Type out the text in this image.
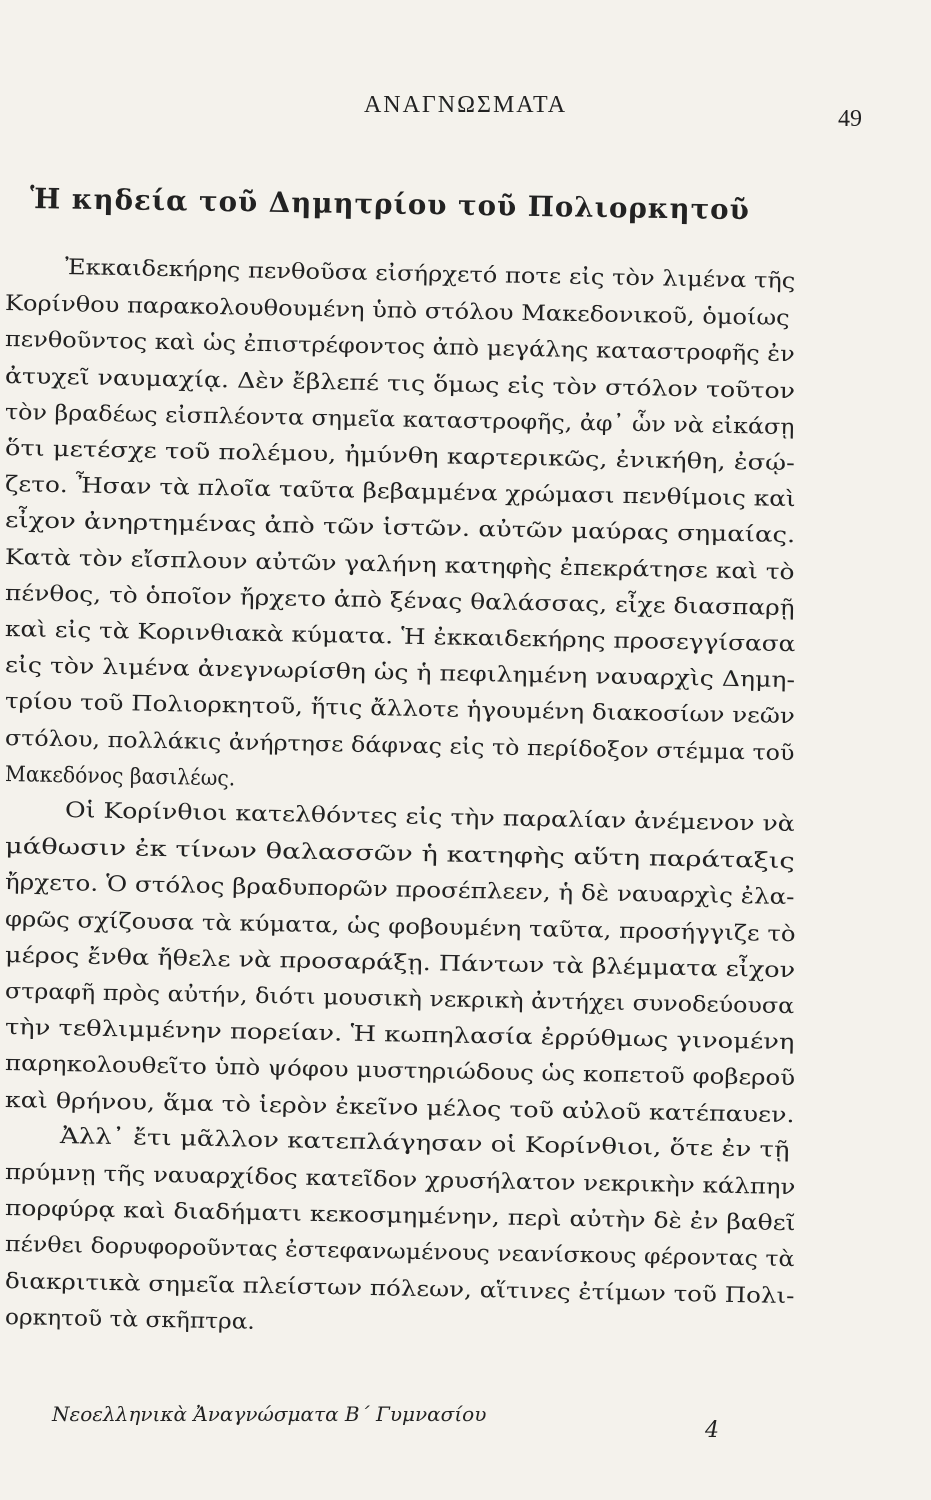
ΑΝΑΓΝΩΣΜΑΤΑ
49
Ἡ κηδεία τοῦ Δημητρίου τοῦ Πολιορκητοῦ
Ἐκκαιδεκήρης πενθοῦσα εἰσήρχετό ποτε εἰς τὸν λιμένα τῆς
Κορίνθου παρακολουθουμένη ὑπὸ στόλου Μακεδονικοῦ, ὁμοίως
πενθοῦντος καὶ ὡς ἐπιστρέφοντος ἀπὸ μεγάλης καταστροφῆς ἐν
ἀτυχεῖ ναυμαχίᾳ. Δὲν ἔβλεπέ τις ὅμως εἰς τὸν στόλον τοῦτον
τὸν βραδέως εἰσπλέοντα σημεῖα καταστροφῆς, ἀφ᾽ ὧν νὰ εἰκάσῃ
ὅτι μετέσχε τοῦ πολέμου, ἠμύνθη καρτερικῶς, ἐνικήθη, ἐσῴ-
ζετο. Ἦσαν τὰ πλοῖα ταῦτα βεβαμμένα χρώμασι πενθίμοις καὶ
εἶχον ἀνηρτημένας ἀπὸ τῶν ἱστῶν. αὐτῶν μαύρας σημαίας.
Κατὰ τὸν εἴσπλουν αὐτῶν γαλήνη κατηφὴς ἐπεκράτησε καὶ τὸ
πένθος, τὸ ὁποῖον ἤρχετο ἀπὸ ξένας θαλάσσας, εἶχε διασπαρῇ
καὶ εἰς τὰ Κορινθιακὰ κύματα. Ἡ ἐκκαιδεκήρης προσεγγίσασα
εἰς τὸν λιμένα ἀνεγνωρίσθη ὡς ἡ πεφιλημένη ναυαρχὶς Δημη-
τρίου τοῦ Πολιορκητοῦ, ἥτις ἄλλοτε ἡγουμένη διακοσίων νεῶν
στόλου, πολλάκις ἀνήρτησε δάφνας εἰς τὸ περίδοξον στέμμα τοῦ
Μακεδόνος βασιλέως.
Οἱ Κορίνθιοι κατελθόντες εἰς τὴν παραλίαν ἀνέμενον νὰ
μάθωσιν ἐκ τίνων θαλασσῶν ἡ κατηφὴς αὕτη παράταξις
ἤρχετο. Ὁ στόλος βραδυπορῶν προσέπλεεν, ἡ δὲ ναυαρχὶς ἐλα-
φρῶς σχίζουσα τὰ κύματα, ὡς φοβουμένη ταῦτα, προσήγγιζε τὸ
μέρος ἔνθα ἤθελε νὰ προσαράξῃ. Πάντων τὰ βλέμματα εἶχον
στραφῆ πρὸς αὐτήν, διότι μουσικὴ νεκρικὴ ἀντήχει συνοδεύουσα
τὴν τεθλιμμένην πορείαν. Ἡ κωπηλασία ἐρρύθμως γινομένη
παρηκολουθεῖτο ὑπὸ ψόφου μυστηριώδους ὡς κοπετοῦ φοβεροῦ
καὶ θρήνου, ἅμα τὸ ἱερὸν ἐκεῖνο μέλος τοῦ αὐλοῦ κατέπαυεν.
Ἀλλ᾽ ἔτι μᾶλλον κατεπλάγησαν οἱ Κορίνθιοι, ὅτε ἐν τῇ
πρύμνῃ τῆς ναυαρχίδος κατεῖδον χρυσήλατον νεκρικὴν κάλπην
πορφύρᾳ καὶ διαδήματι κεκοσμημένην, περὶ αὐτὴν δὲ ἐν βαθεῖ
πένθει δορυφοροῦντας ἐστεφανωμένους νεανίσκους φέροντας τὰ
διακριτικὰ σημεῖα πλείστων πόλεων, αἵτινες ἐτίμων τοῦ Πολι-
ορκητοῦ τὰ σκῆπτρα.
Νεοελληνικὰ Ἀναγνώσματα Β´ Γυμνασίου
4
